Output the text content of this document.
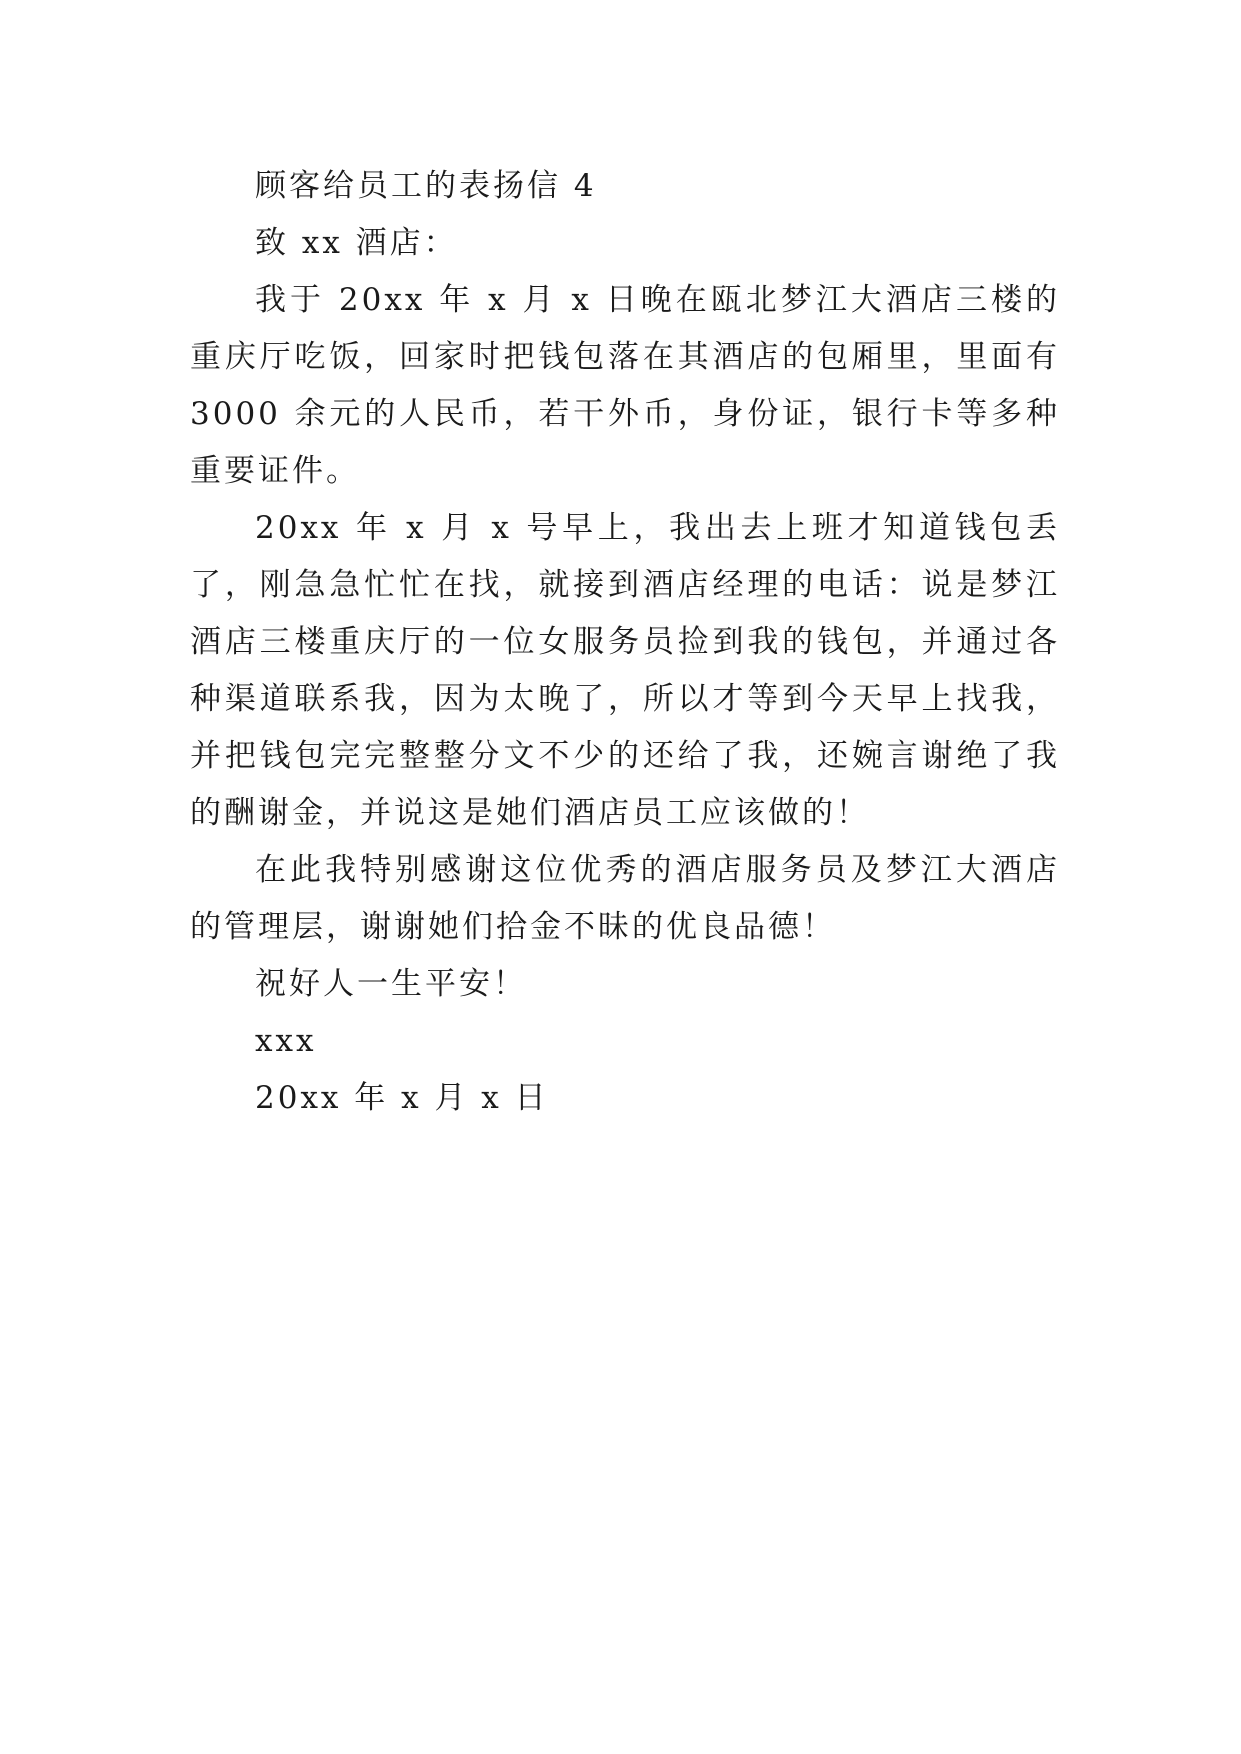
顾客给员工的表扬信 4

致 xx 酒店：

我于 20xx 年 x 月 x 日晚在瓯北梦江大酒店三楼的重庆厅吃饭，回家时把钱包落在其酒店的包厢里，里面有 3000 余元的人民币，若干外币，身份证，银行卡等多种重要证件。

20xx 年 x 月 x 号早上，我出去上班才知道钱包丢了，刚急急忙忙在找，就接到酒店经理的电话：说是梦江酒店三楼重庆厅的一位女服务员捡到我的钱包，并通过各种渠道联系我，因为太晚了，所以才等到今天早上找我，并把钱包完完整整分文不少的还给了我，还婉言谢绝了我的酬谢金，并说这是她们酒店员工应该做的！

在此我特别感谢这位优秀的酒店服务员及梦江大酒店的管理层，谢谢她们拾金不昧的优良品德！

祝好人一生平安！

xxx

20xx 年 x 月 x 日
